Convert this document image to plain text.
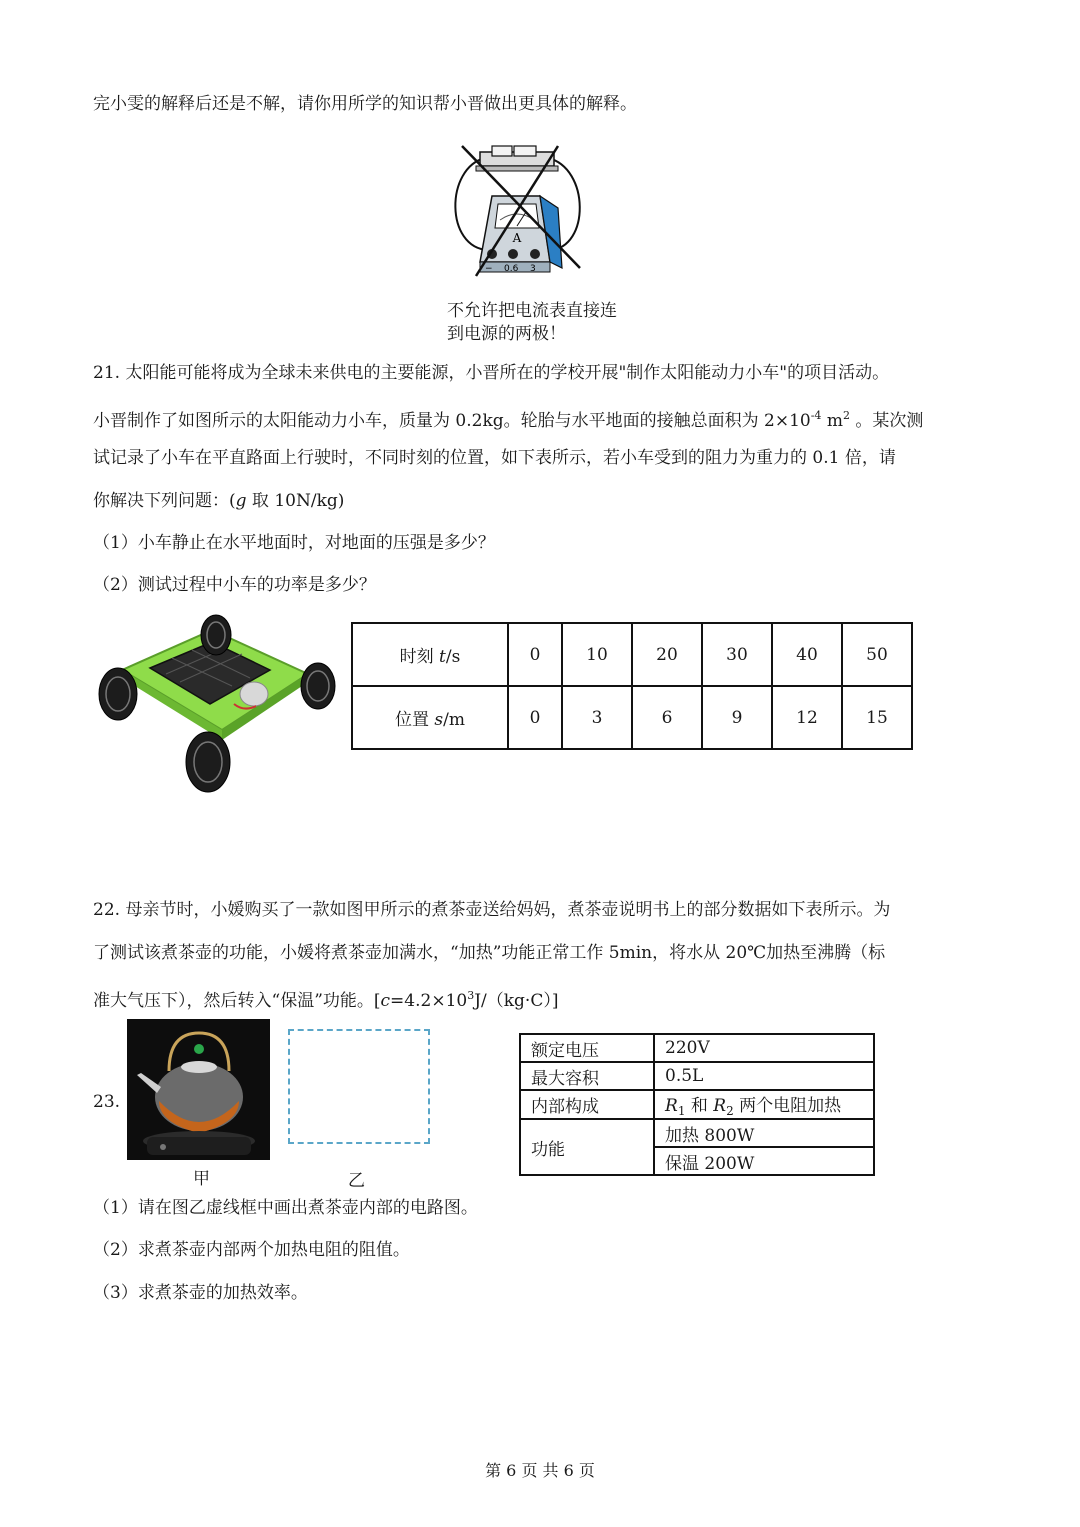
完小雯的解释后还是不解，请你用所学的知识帮小晋做出更具体的解释。
A
− 0.6 3
不允许把电流表直接连
到电源的两极！
21. 太阳能可能将成为全球未来供电的主要能源，小晋所在的学校开展"制作太阳能动力小车"的项目活动。
小晋制作了如图所示的太阳能动力小车，质量为 0.2kg。轮胎与水平地面的接触总面积为 $2\times 10^{-4}$ $m^2$ 。某次测
试记录了小车在平直路面上行驶时，不同时刻的位置，如下表所示，若小车受到的阻力为重力的 0.1 倍，请
你解决下列问题：(g 取 10N/kg)
（1）小车静止在水平地面时，对地面的压强是多少？
（2）测试过程中小车的功率是多少？
时刻 t/s	0	10	20	30	40	50
位置 s/m	0	3	6	9	12	15
22. 母亲节时，小媛购买了一款如图甲所示的煮茶壶送给妈妈，煮茶壶说明书上的部分数据如下表所示。为
了测试该煮茶壶的功能，小媛将煮茶壶加满水，“加热”功能正常工作 5min，将水从 20℃加热至沸腾（标
准大气压下），然后转入“保温”功能。$[c=4.2\times 10^3J/(kg\cdot C)]$
23.
甲	乙
额定电压	220V
最大容积	0.5L
内部构成	$R_1$ 和 $R_2$ 两个电阻加热
功能	加热 800W
	保温 200W
（1）请在图乙虚线框中画出煮茶壶内部的电路图。
（2）求煮茶壶内部两个加热电阻的阻值。
（3）求煮茶壶的加热效率。
第 6 页 共 6 页
